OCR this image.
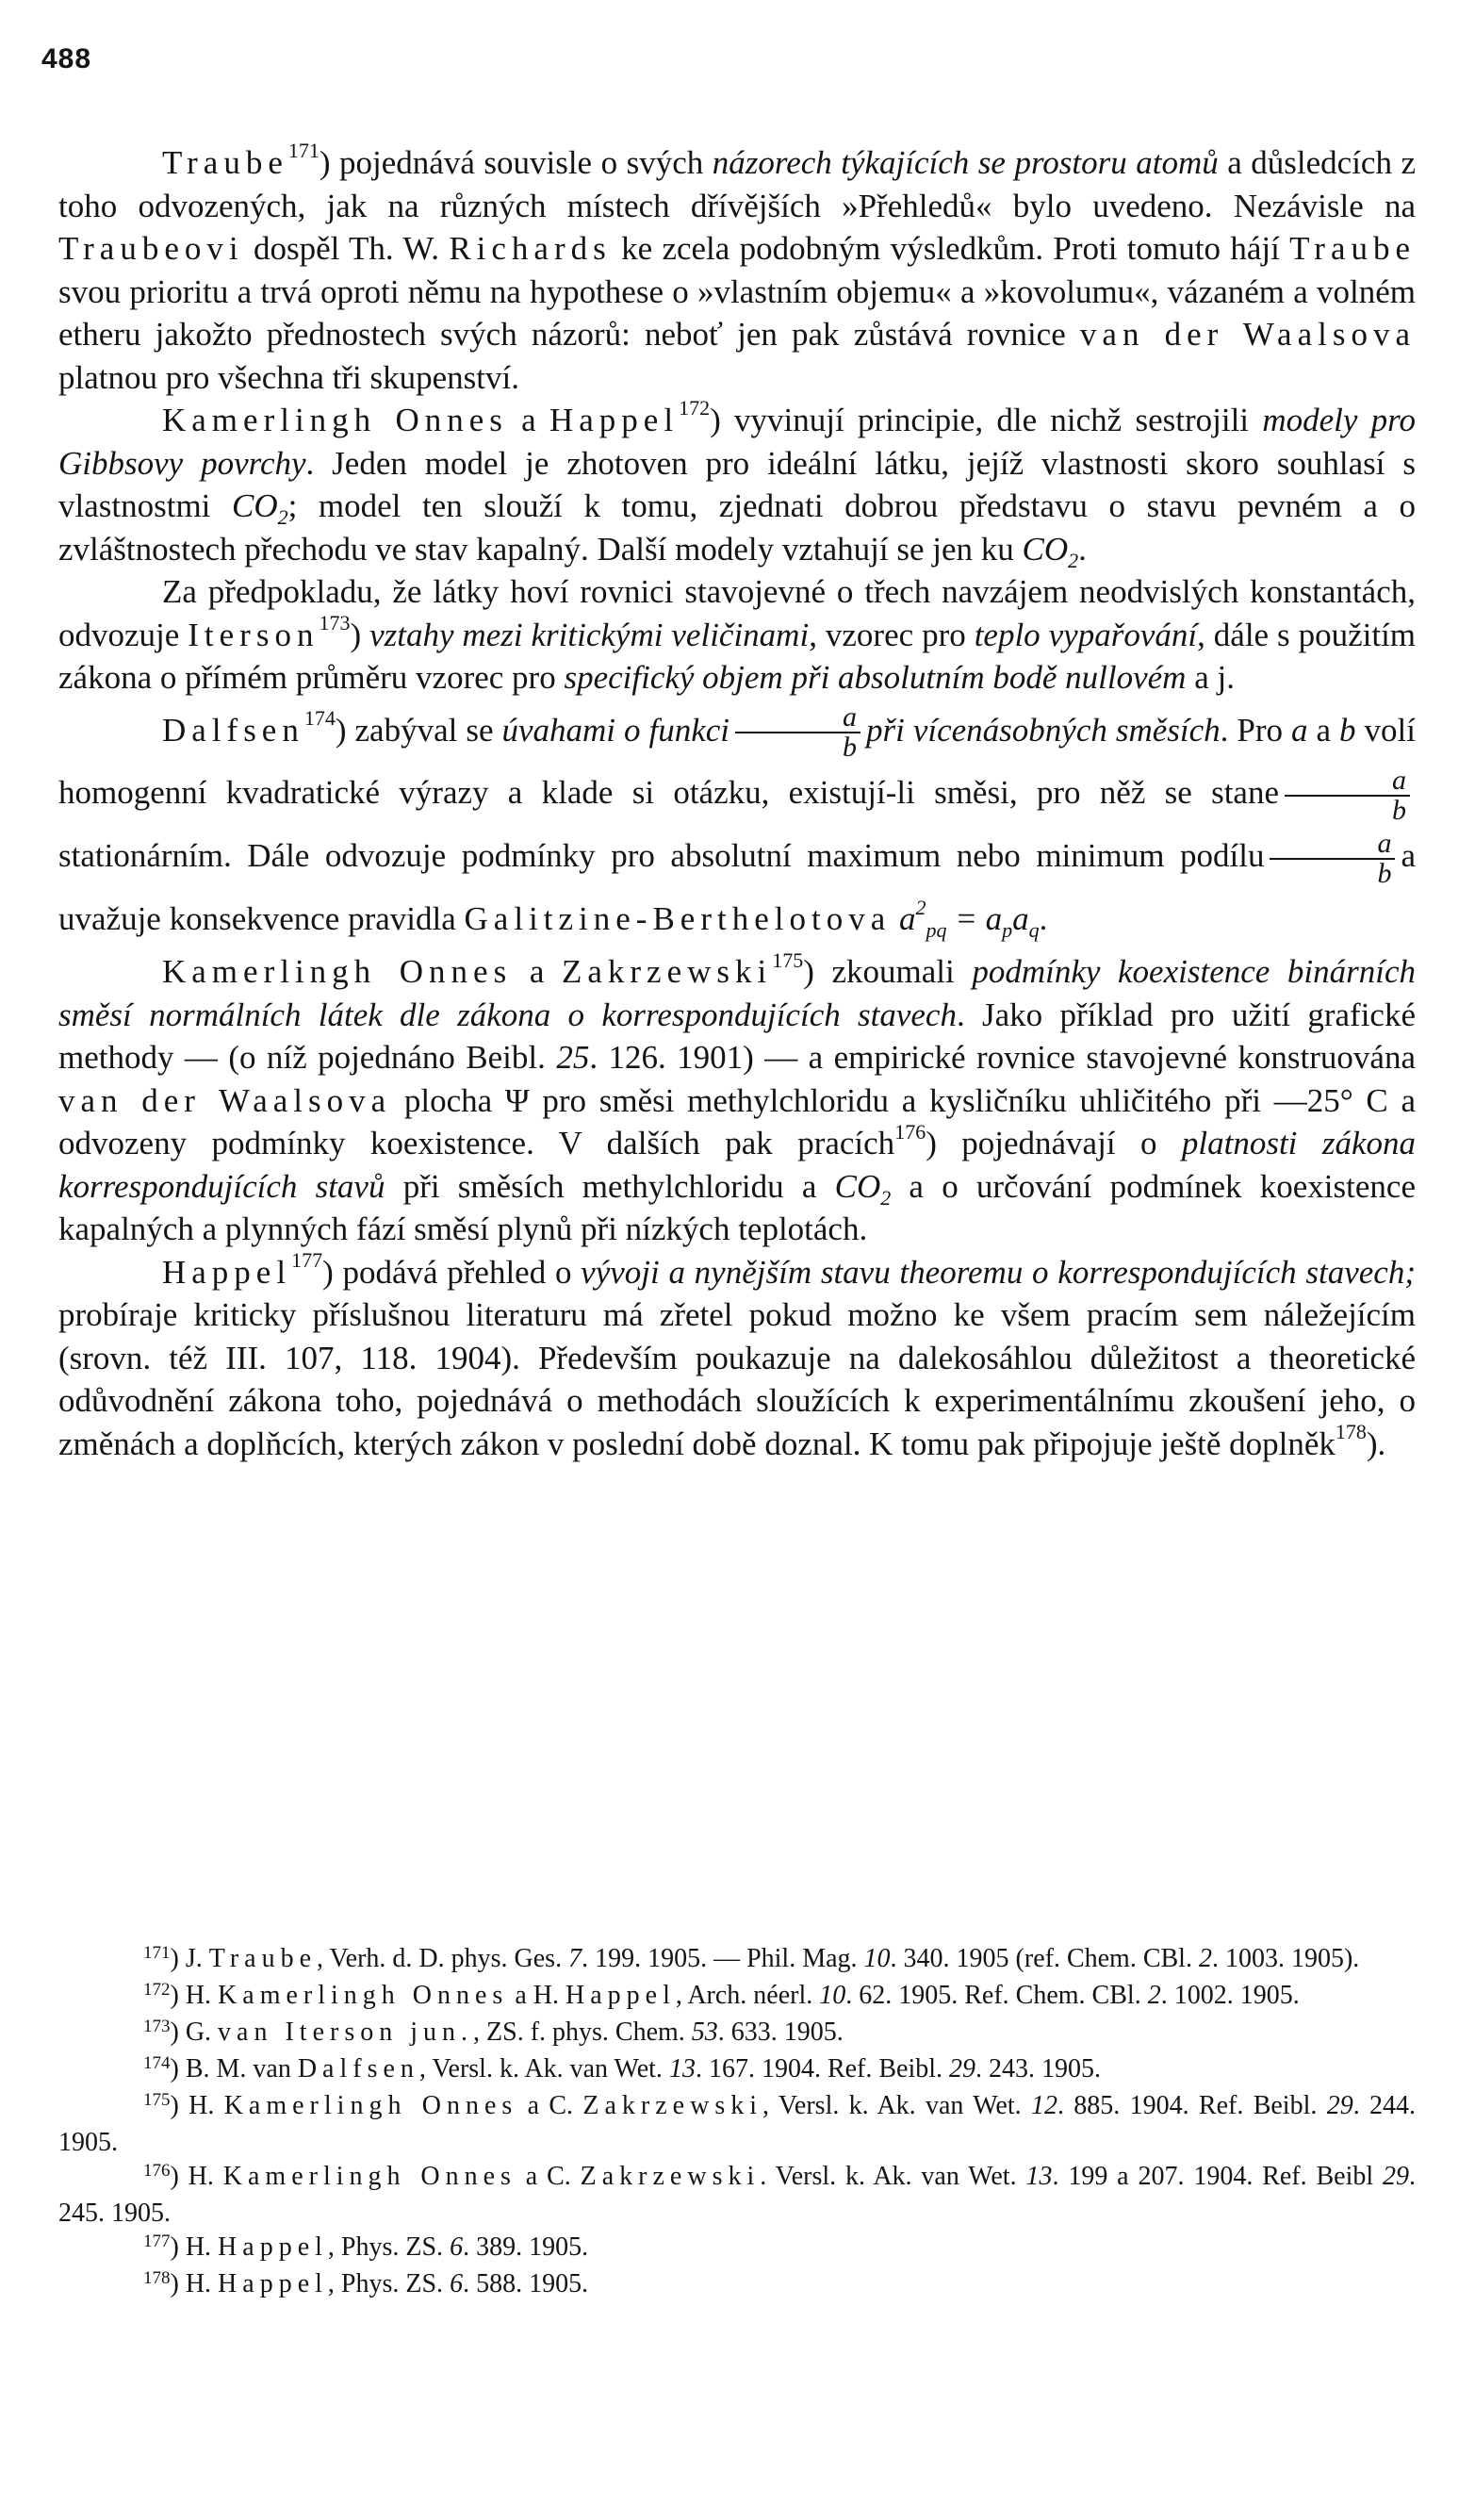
488

Traube$^{171}$) pojednává souvisle o svých názorech týkajících se prostoru atomů a důsledcích z toho odvozených, jak na různých místech dřívějších »Přehledů« bylo uvedeno. Nezávisle na Traubeovi dospěl Th. W. Richards ke zcela podobným výsledkům. Proti tomuto hájí Traube svou prioritu a trvá oproti němu na hypothese o »vlastním objemu« a »kovolumu«, vázaném a volném etheru jakožto přednostech svých názorů: neboť jen pak zůstává rovnice van der Waalsova platnou pro všechna tři skupenství.

Kamerlingh Onnes a Happel$^{172}$) vyvinují principie, dle nichž sestrojili modely pro Gibbsovy povrchy. Jeden model je zhotoven pro ideální látku, jejíž vlastnosti skoro souhlasí s vlastnostmi $CO_2$; model ten slouží k tomu, zjednati dobrou představu o stavu pevném a o zvláštnostech přechodu ve stav kapalný. Další modely vztahují se jen ku $CO_2$.

Za předpokladu, že látky hoví rovnici stavojevné o třech navzájem neodvislých konstantách, odvozuje Iterson$^{173}$) vztahy mezi kritickými veličinami, vzorec pro teplo vypařování, dále s použitím zákona o přímém průměru vzorec pro specifický objem při absolutním bodě nullovém a j.

Dalfsen$^{174}$) zabýval se úvahami o funkci $\frac{a}{b}$ při vícenásobných směsích. Pro a a b volí homogenní kvadratické výrazy a klade si otázku, existují-li směsi, pro něž se stane $\frac{a}{b}$
stationárním. Dále odvozuje podmínky pro absolutní maximum nebo minimum podílu $\frac{a}{b}$ a uvažuje konsekvence pravidla Galitzine-Berthelotova $a^2_{pq} = a_pa_q$.

Kamerlingh Onnes a Zakrzewski$^{175}$) zkoumali podmínky koexistence binárních směsí normálních látek dle zákona o korrespondujících stavech. Jako příklad pro užití grafické methody — (o níž pojednáno Beibl. 25. 126. 1901) — a empirické rovnice stavojevné konstruována van der Waalsova plocha Ψ pro směsi methylchloridu a kysličníku uhličitého při —25° C a odvozeny podmínky koexistence. V dalších pak pracích$^{176}$) pojednávají o platnosti zákona korrespondujících stavů při směsích methylchloridu a $CO_2$ a o určování podmínek koexistence kapalných a plynných fází směsí plynů při nízkých teplotách.

Happel$^{177}$) podává přehled o vývoji a nynějším stavu theoremu o korrespondujících stavech; probíraje kriticky příslušnou literaturu má zřetel pokud možno ke všem pracím sem náležejícím (srovn. též III. 107, 118. 1904). Především poukazuje na dalekosáhlou důležitost a theoretické odůvodnění zákona toho, pojednává o methodách sloužících k experimentálnímu zkoušení jeho, o změnách a doplňcích, kterých zákon v poslední době doznal. K tomu pak připojuje ještě doplněk$^{178}$).

$^{171}$) J. Traube, Verh. d. D. phys. Ges. 7. 199. 1905. — Phil. Mag. 10. 340. 1905 (ref. Chem. CBl. 2. 1003. 1905).

$^{172}$) H. Kamerlingh Onnes a H. Happel, Arch. néerl. 10. 62. 1905. Ref. Chem. CBl. 2. 1002. 1905.

$^{173}$) G. van Iterson jun., ZS. f. phys. Chem. 53. 633. 1905.

$^{174}$) B. M. van Dalfsen, Versl. k. Ak. van Wet. 13. 167. 1904. Ref. Beibl. 29. 243. 1905.

$^{175}$) H. Kamerlingh Onnes a C. Zakrzewski, Versl. k. Ak. van Wet. 12. 885. 1904. Ref. Beibl. 29. 244. 1905.

$^{176}$) H. Kamerlingh Onnes a C. Zakrzewski. Versl. k. Ak. van Wet. 13. 199 a 207. 1904. Ref. Beibl 29. 245. 1905.

$^{177}$) H. Happel, Phys. ZS. 6. 389. 1905.

$^{178}$) H. Happel, Phys. ZS. 6. 588. 1905.
